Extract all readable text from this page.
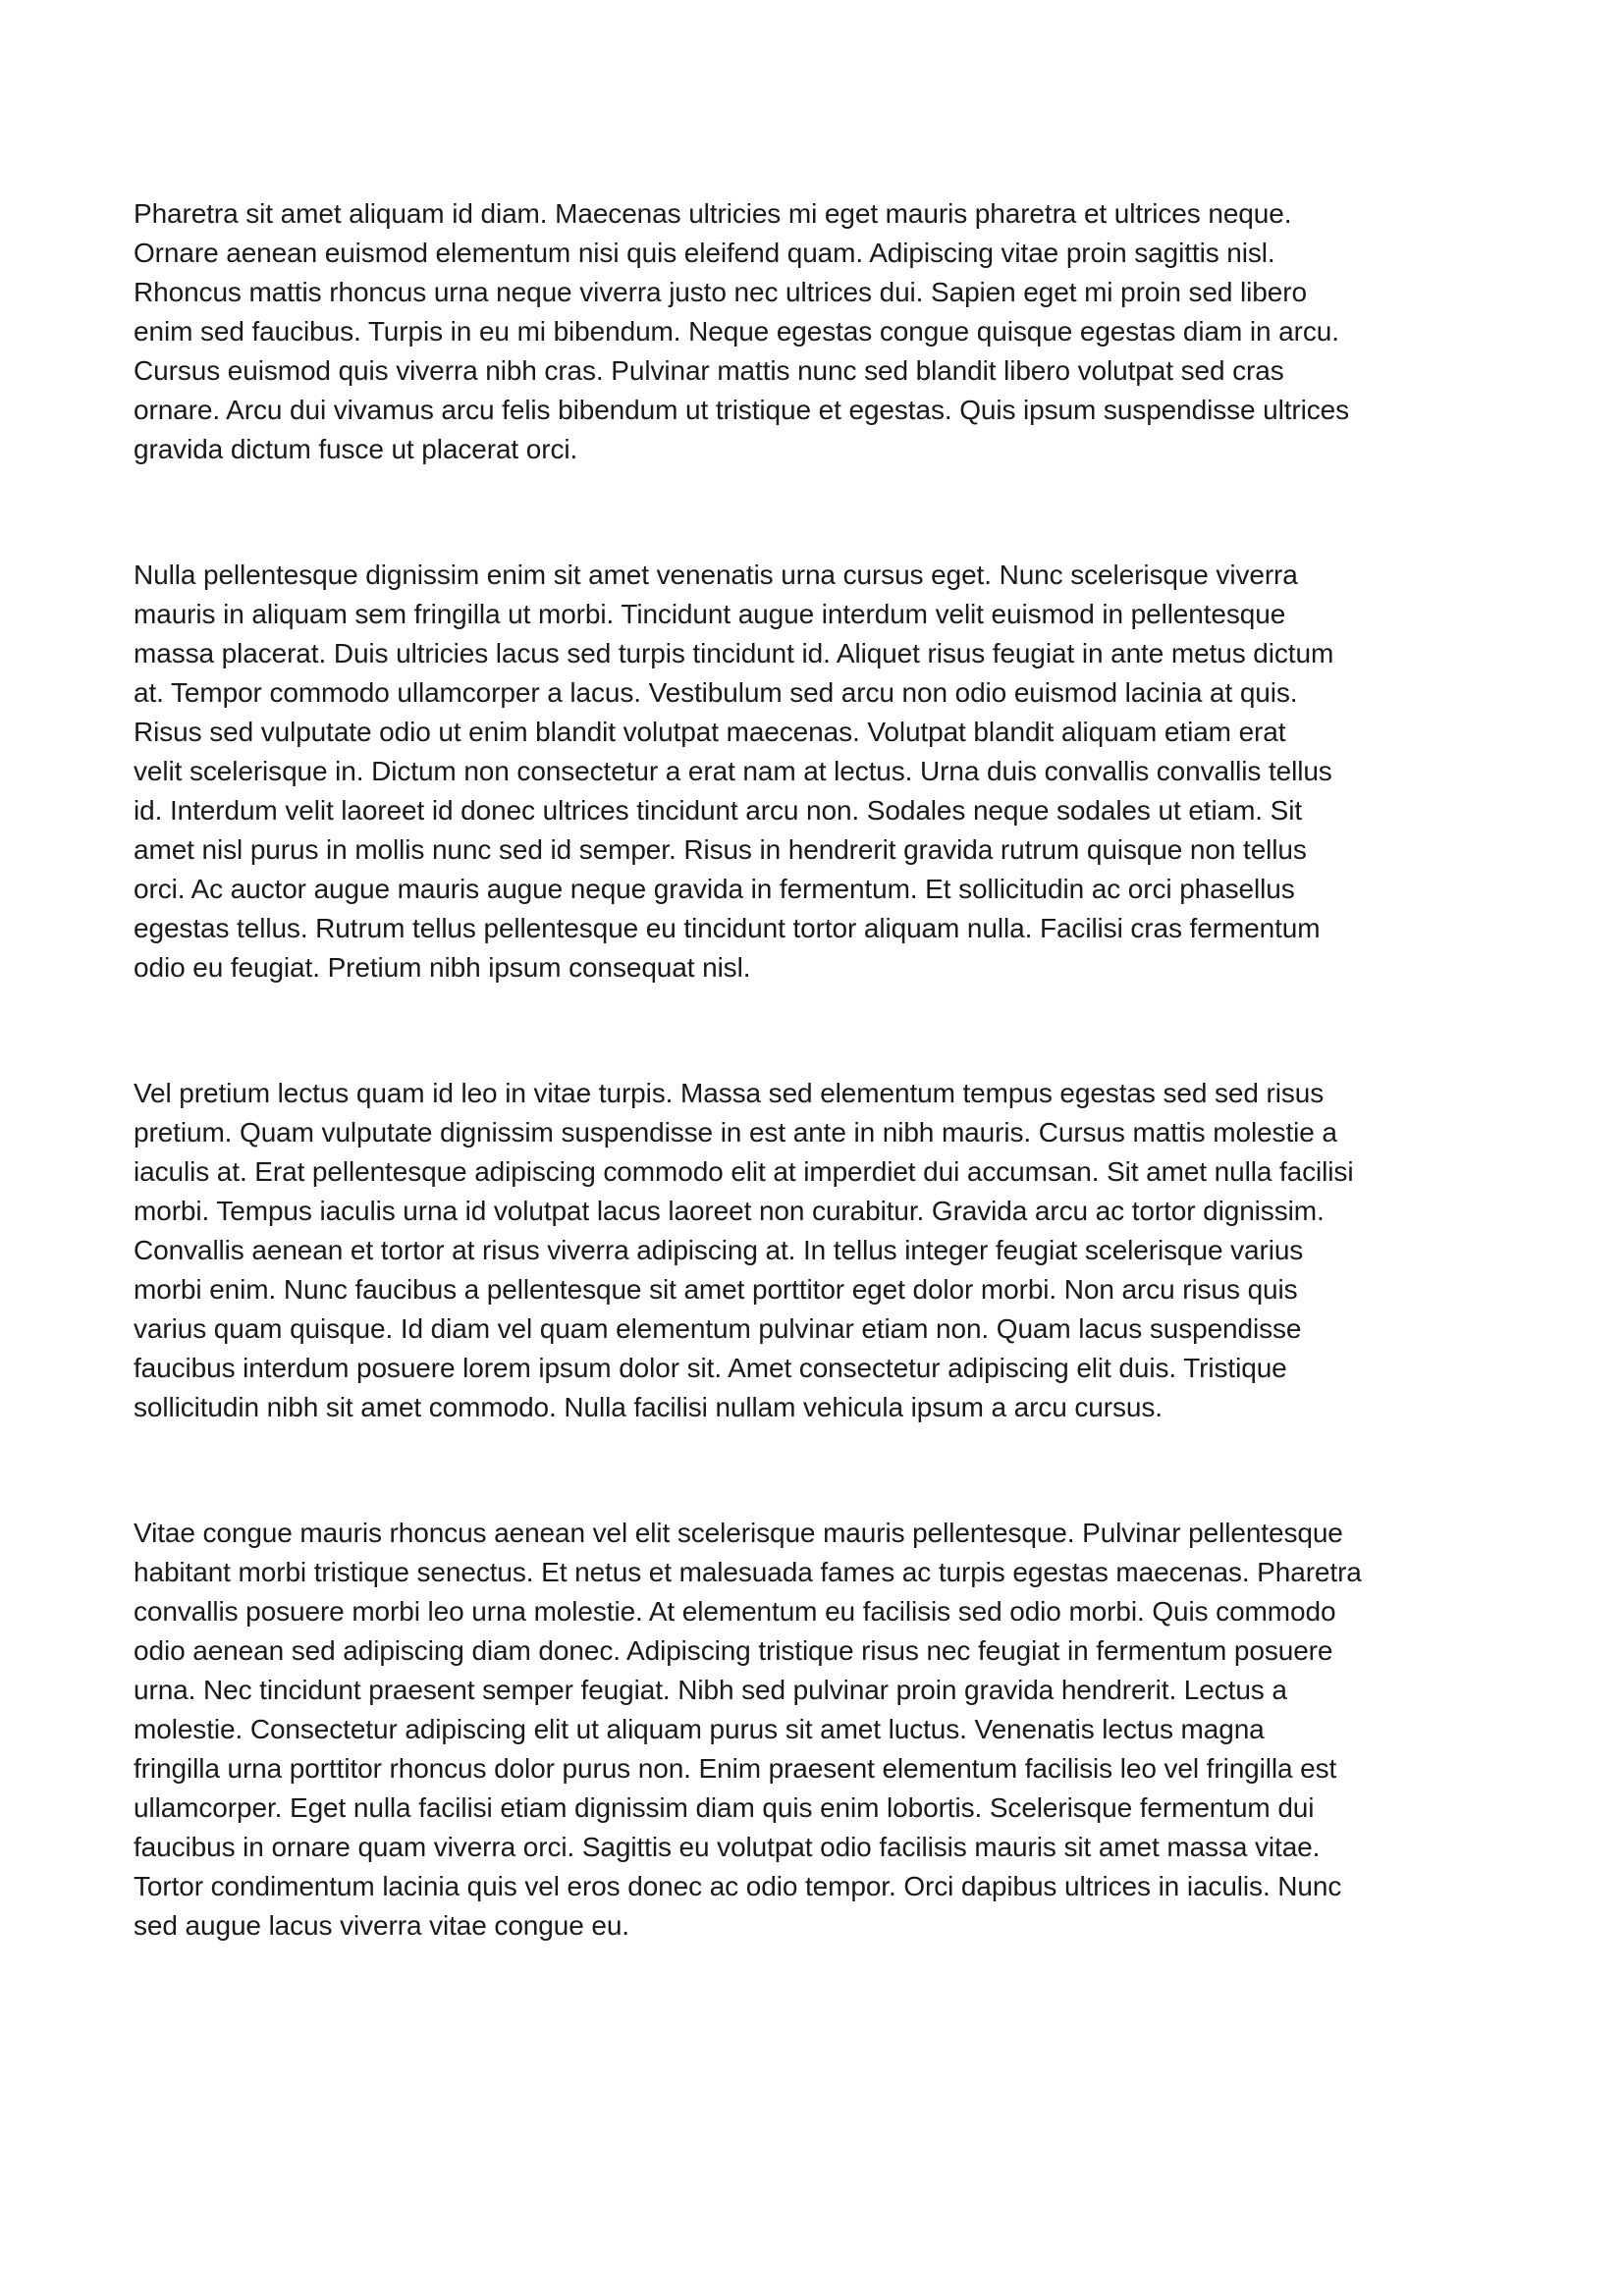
Pharetra sit amet aliquam id diam. Maecenas ultricies mi eget mauris pharetra et ultrices neque.
Ornare aenean euismod elementum nisi quis eleifend quam. Adipiscing vitae proin sagittis nisl.
Rhoncus mattis rhoncus urna neque viverra justo nec ultrices dui. Sapien eget mi proin sed libero
enim sed faucibus. Turpis in eu mi bibendum. Neque egestas congue quisque egestas diam in arcu.
Cursus euismod quis viverra nibh cras. Pulvinar mattis nunc sed blandit libero volutpat sed cras
ornare. Arcu dui vivamus arcu felis bibendum ut tristique et egestas. Quis ipsum suspendisse ultrices
gravida dictum fusce ut placerat orci.

Nulla pellentesque dignissim enim sit amet venenatis urna cursus eget. Nunc scelerisque viverra
mauris in aliquam sem fringilla ut morbi. Tincidunt augue interdum velit euismod in pellentesque
massa placerat. Duis ultricies lacus sed turpis tincidunt id. Aliquet risus feugiat in ante metus dictum
at. Tempor commodo ullamcorper a lacus. Vestibulum sed arcu non odio euismod lacinia at quis.
Risus sed vulputate odio ut enim blandit volutpat maecenas. Volutpat blandit aliquam etiam erat
velit scelerisque in. Dictum non consectetur a erat nam at lectus. Urna duis convallis convallis tellus
id. Interdum velit laoreet id donec ultrices tincidunt arcu non. Sodales neque sodales ut etiam. Sit
amet nisl purus in mollis nunc sed id semper. Risus in hendrerit gravida rutrum quisque non tellus
orci. Ac auctor augue mauris augue neque gravida in fermentum. Et sollicitudin ac orci phasellus
egestas tellus. Rutrum tellus pellentesque eu tincidunt tortor aliquam nulla. Facilisi cras fermentum
odio eu feugiat. Pretium nibh ipsum consequat nisl.

Vel pretium lectus quam id leo in vitae turpis. Massa sed elementum tempus egestas sed sed risus
pretium. Quam vulputate dignissim suspendisse in est ante in nibh mauris. Cursus mattis molestie a
iaculis at. Erat pellentesque adipiscing commodo elit at imperdiet dui accumsan. Sit amet nulla facilisi
morbi. Tempus iaculis urna id volutpat lacus laoreet non curabitur. Gravida arcu ac tortor dignissim.
Convallis aenean et tortor at risus viverra adipiscing at. In tellus integer feugiat scelerisque varius
morbi enim. Nunc faucibus a pellentesque sit amet porttitor eget dolor morbi. Non arcu risus quis
varius quam quisque. Id diam vel quam elementum pulvinar etiam non. Quam lacus suspendisse
faucibus interdum posuere lorem ipsum dolor sit. Amet consectetur adipiscing elit duis. Tristique
sollicitudin nibh sit amet commodo. Nulla facilisi nullam vehicula ipsum a arcu cursus.

Vitae congue mauris rhoncus aenean vel elit scelerisque mauris pellentesque. Pulvinar pellentesque
habitant morbi tristique senectus. Et netus et malesuada fames ac turpis egestas maecenas. Pharetra
convallis posuere morbi leo urna molestie. At elementum eu facilisis sed odio morbi. Quis commodo
odio aenean sed adipiscing diam donec. Adipiscing tristique risus nec feugiat in fermentum posuere
urna. Nec tincidunt praesent semper feugiat. Nibh sed pulvinar proin gravida hendrerit. Lectus a
molestie. Consectetur adipiscing elit ut aliquam purus sit amet luctus. Venenatis lectus magna
fringilla urna porttitor rhoncus dolor purus non. Enim praesent elementum facilisis leo vel fringilla est
ullamcorper. Eget nulla facilisi etiam dignissim diam quis enim lobortis. Scelerisque fermentum dui
faucibus in ornare quam viverra orci. Sagittis eu volutpat odio facilisis mauris sit amet massa vitae.
Tortor condimentum lacinia quis vel eros donec ac odio tempor. Orci dapibus ultrices in iaculis. Nunc
sed augue lacus viverra vitae congue eu.
